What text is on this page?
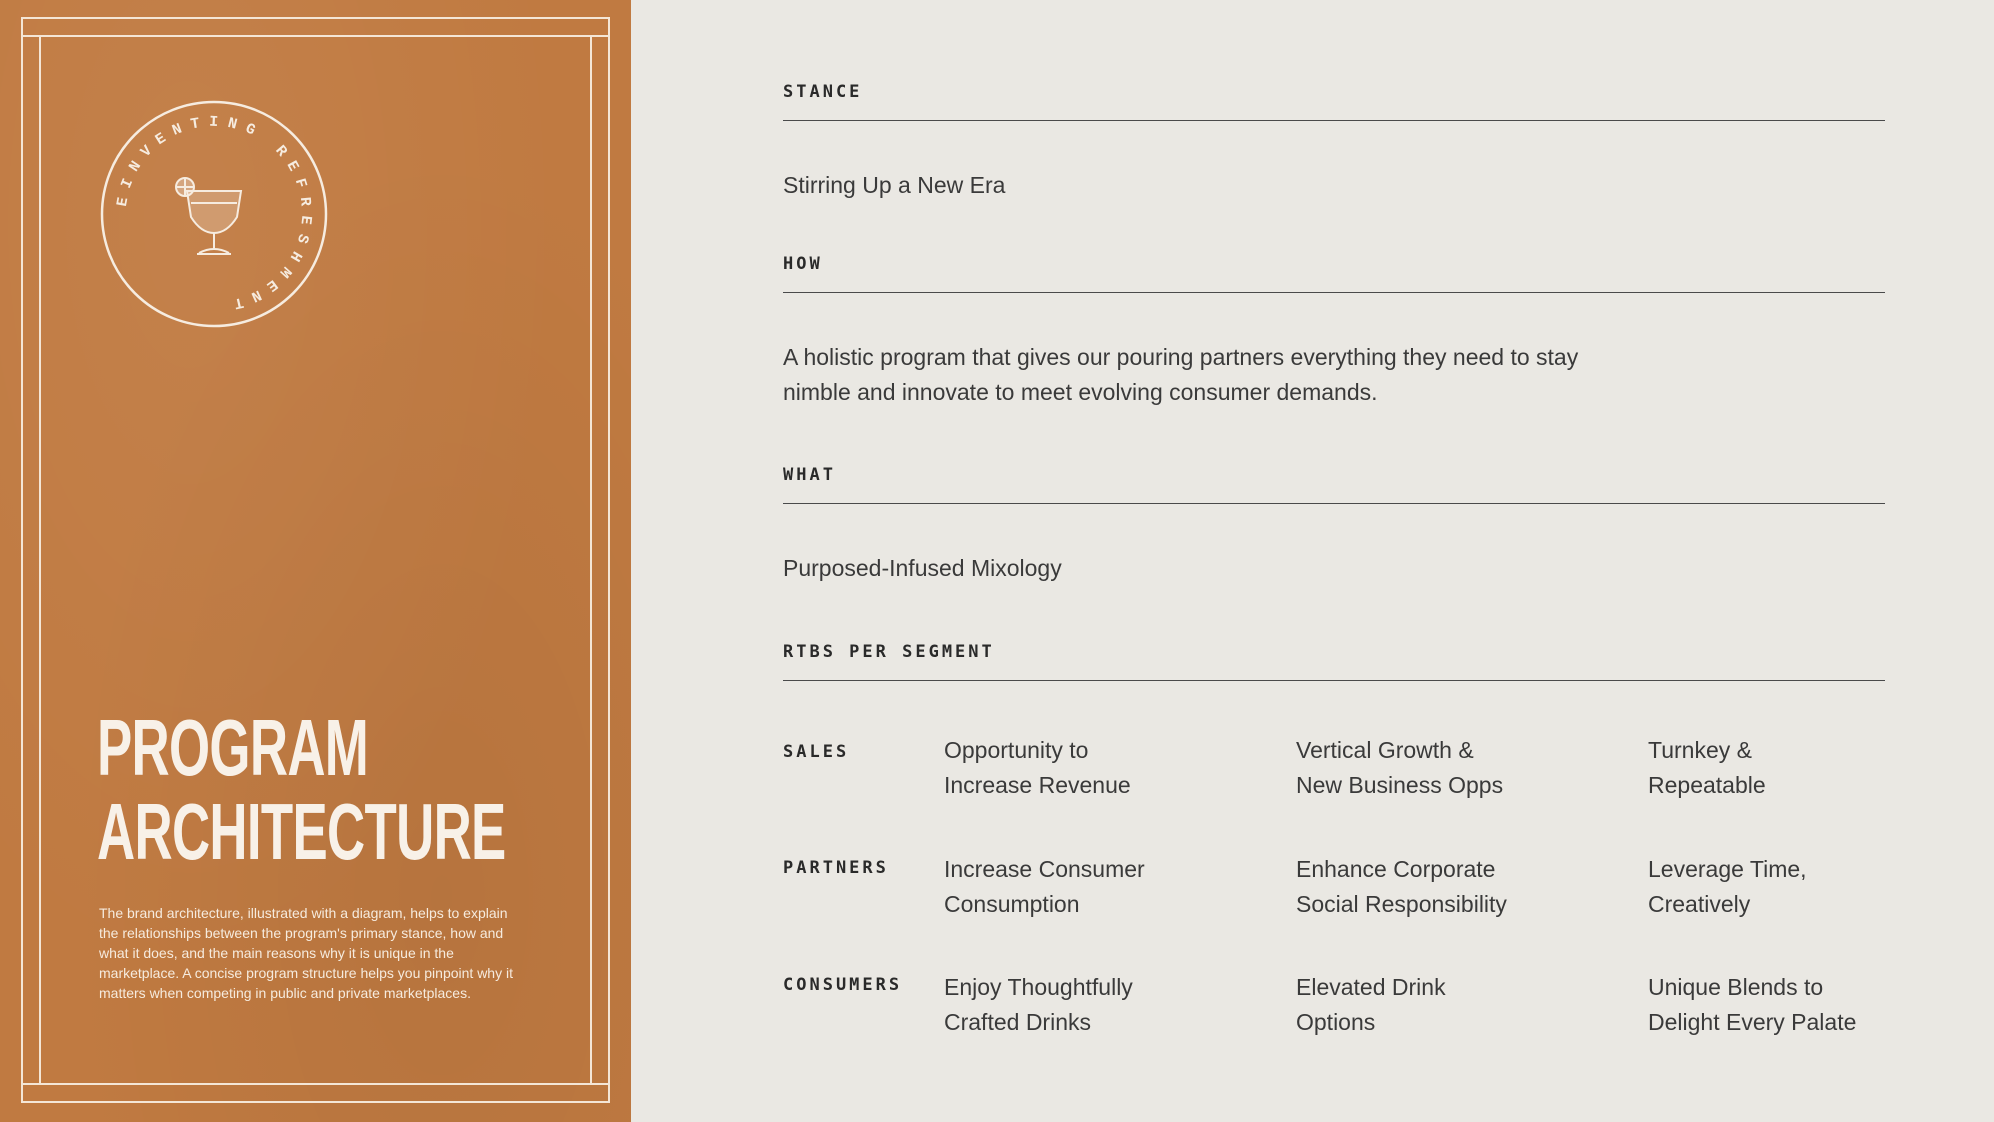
EINVENTING REFRESHMENT
PROGRAM
ARCHITECTURE

The brand architecture, illustrated with a diagram, helps to explain the relationships between the program's primary stance, how and what it does, and the main reasons why it is unique in the marketplace. A concise program structure helps you pinpoint why it matters when competing in public and private marketplaces.

STANCE

Stirring Up a New Era

HOW

A holistic program that gives our pouring partners everything they need to stay nimble and innovate to meet evolving consumer demands.

WHAT

Purposed-Infused Mixology

RTBS PER SEGMENT
SALES	Opportunity to
Increase Revenue
Vertical Growth &
New Business Opps
Turnkey &
Repeatable
PARTNERS Increase Consumer
Consumption
Enhance Corporate
Social Responsibility
Leverage Time,
Creatively
CONSUMERS Enjoy Thoughtfully
Crafted Drinks
Elevated Drink
Options
Unique Blends to
Delight Every Palate
